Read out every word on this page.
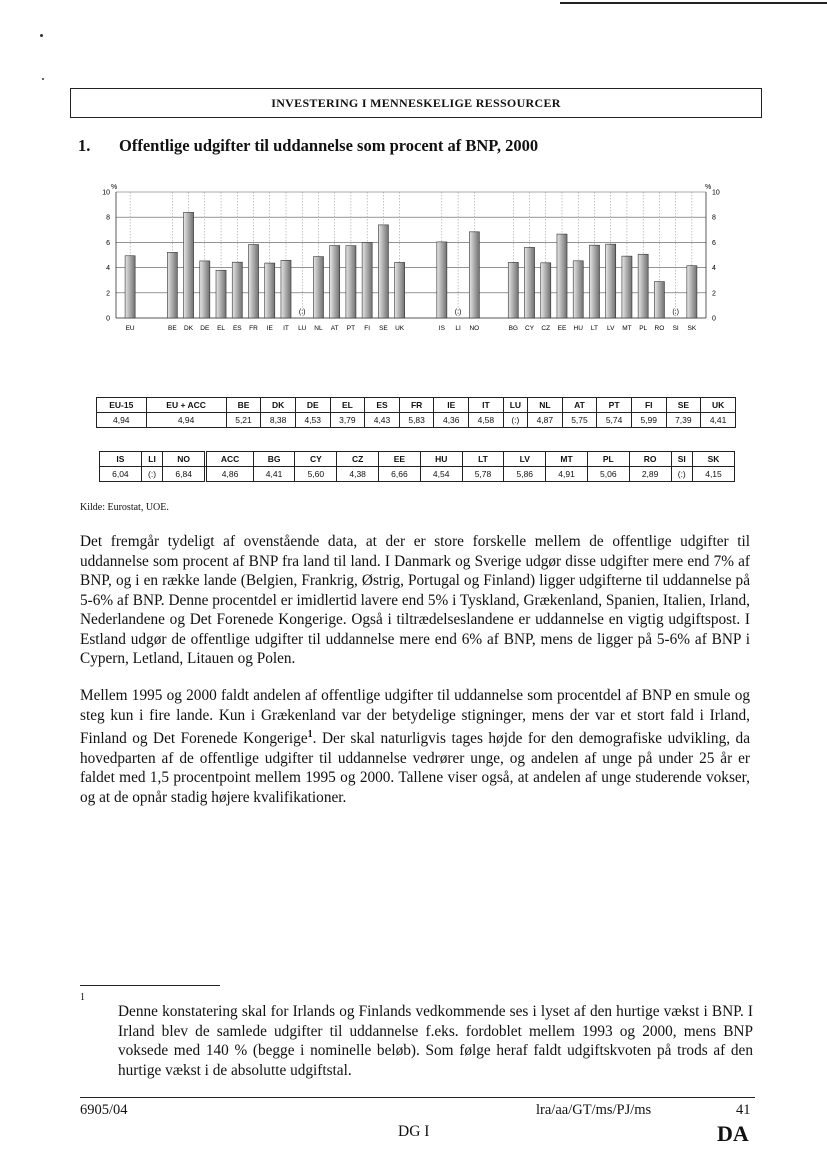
INVESTERING I MENNESKELIGE RESSOURCER
1. Offentlige udgifter til uddannelse som procent af BNP, 2000
0	0
2	2
4	4
6	6
8	8
10	10
EU	BE DK DE EL ES FR IE IT
(:)
LU NL AT PT FI SE UK	IS
(:)
LI NO	BG CY CZ EE HU LT LV MT PL RO
(:)
SI SK
%	%
EU-15	EU + ACC	BE	DK	DE	EL	ES	FR	IE	IT	LU	NL	AT	PT	FI	SE	UK
4,94	4,94	5,21	8,38	4,53	3,79	4,43	5,83	4,36	4,58	(:)	4,87	5,75	5,74	5,99	7,39	4,41
IS	LI	NO		ACC	BG	CY	CZ	EE	HU	LT	LV	MT	PL	RO	SI	SK
6,04	(:)	6,84		4,86	4,41	5,60	4,38	6,66	4,54	5,78	5,86	4,91	5,06	2,89	(:)	4,15
Kilde: Eurostat, UOE.
Det fremgår tydeligt af ovenstående data, at der er store forskelle mellem de offentlige udgifter til uddannelse som procent af BNP fra land til land. I Danmark og Sverige udgør disse udgifter mere end 7% af BNP, og i en række lande (Belgien, Frankrig, Østrig, Portugal og Finland) ligger udgifterne til uddannelse på 5-6% af BNP. Denne procentdel er imidlertid lavere end 5% i Tyskland, Grækenland, Spanien, Italien, Irland, Nederlandene og Det Forenede Kongerige. Også i tiltrædelseslandene er uddannelse en vigtig udgiftspost. I Estland udgør de offentlige udgifter til uddannelse mere end 6% af BNP, mens de ligger på 5-6% af BNP i Cypern, Letland, Litauen og Polen.
Mellem 1995 og 2000 faldt andelen af offentlige udgifter til uddannelse som procentdel af BNP en smule og steg kun i fire lande. Kun i Grækenland var der betydelige stigninger, mens der var et stort fald i Irland, Finland og Det Forenede Kongerige$^1$. Der skal naturligvis tages højde for den demografiske udvikling, da hovedparten af de offentlige udgifter til uddannelse vedrører unge, og andelen af unge på under 25 år er faldet med 1,5 procentpoint mellem 1995 og 2000. Tallene viser også, at andelen af unge studerende vokser, og at de opnår stadig højere kvalifikationer.
1
Denne konstatering skal for Irlands og Finlands vedkommende ses i lyset af den hurtige vækst i BNP. I Irland blev de samlede udgifter til uddannelse f.eks. fordoblet mellem 1993 og 2000, mens BNP voksede med 140 % (begge i nominelle beløb). Som følge heraf faldt udgiftskvoten på trods af den hurtige vækst i de absolutte udgiftstal.
6905/04	lra/aa/GT/ms/PJ/ms	41
DG I	DA
